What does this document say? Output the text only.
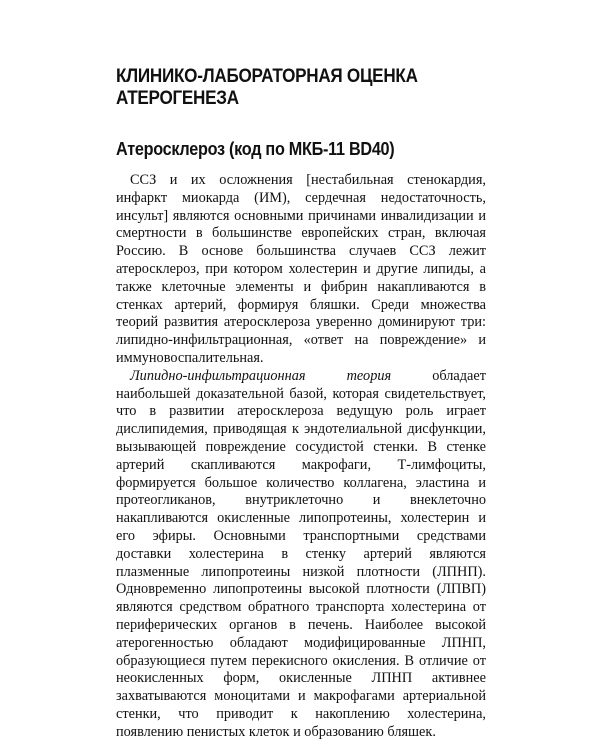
КЛИНИКО-ЛАБОРАТОРНАЯ ОЦЕНКА
АТЕРОГЕНЕЗА
Атеросклероз (код по МКБ-11 BD40)

ССЗ и их осложнения [нестабильная стенокардия, инфаркт миокарда (ИМ), сердечная недостаточность, инсульт] являются основными причинами инвалидизации и смертности в большинстве европейских стран, включая Россию. В основе большинства случаев ССЗ лежит атеросклероз, при котором холестерин и другие липиды, а также клеточные элементы и фибрин накапливаются в стенках артерий, формируя бляшки. Среди множества теорий развития атеросклероза уверенно доминируют три: липидно-инфильтрационная, «ответ на повреждение» и иммуновоспалительная.

Липидно-инфильтрационная теория обладает наибольшей доказательной базой, которая свидетельствует, что в развитии атеросклероза ведущую роль играет дислипидемия, приводящая к эндотелиальной дисфункции, вызывающей повреждение сосудистой стенки. В стенке артерий скапливаются макрофаги, Т-лимфоциты, формируется большое количество коллагена, эластина и протеогликанов, внутриклеточно и внеклеточно накапливаются окисленные липопротеины, холестерин и его эфиры. Основными транспортными средствами доставки холестерина в стенку артерий являются плазменные липопротеины низкой плотности (ЛПНП). Одновременно липопротеины высокой плотности (ЛПВП) являются средством обратного транспорта холестерина от периферических органов в печень. Наиболее высокой атерогенностью обладают модифицированные ЛПНП, образующиеся путем перекисного окисления. В отличие от неокисленных форм, окисленные ЛПНП активнее захватываются моноцитами и макрофагами артериальной стенки, что приводит к накоплению холестерина, появлению пенистых клеток и образованию бляшек.
